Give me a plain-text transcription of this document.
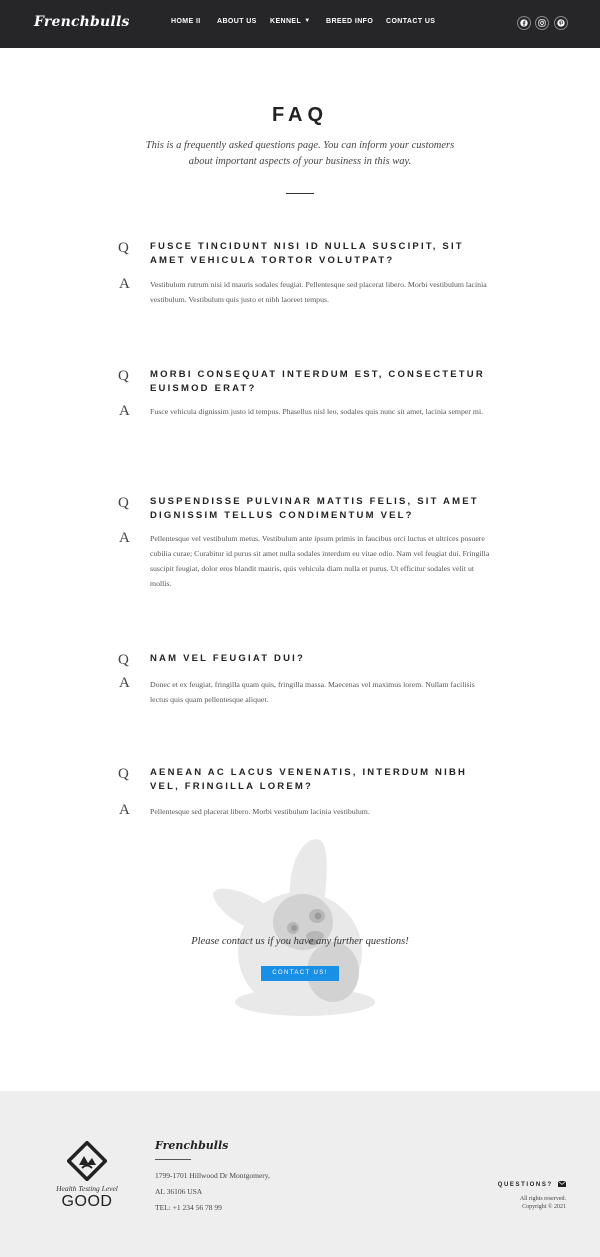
Frenchbulls	HOME II ABOUT US KENNEL ▼ BREED INFO CONTACT US
FAQ

This is a frequently asked questions page. You can inform your customers about important aspects of your business in this way.

Q FUSCE TINCIDUNT NISI ID NULLA SUSCIPIT, SIT AMET VEHICULA TORTOR VOLUTPAT?
A	Vestibulum rutrum nisi id mauris sodales feugiat. Pellentesque sed placerat libero. Morbi vestibulum lacinia vestibulum. Vestibulum quis justo et nibh laoreet tempus.
Q MORBI CONSEQUAT INTERDUM EST, CONSECTETUR EUISMOD ERAT?
A	Fusce vehicula dignissim justo id tempus. Phasellus nisl leo, sodales quis nunc sit amet, lacinia semper mi.
Q SUSPENDISSE PULVINAR MATTIS FELIS, SIT AMET DIGNISSIM TELLUS CONDIMENTUM VEL?
A	Pellentesque vel vestibulum metus. Vestibulum ante ipsum primis in faucibus orci luctus et ultrices posuere cubilia curae; Curabitur id purus sit amet nulla sodales interdum eu vitae odio. Nam vel feugiat dui. Fringilla suscipit feugiat, dolor eros blandit mauris, quis vehicula diam nulla et purus. Ut efficitur sodales velit ut mollis.
Q NAM VEL FEUGIAT DUI?
A	Donec et ex feugiat, fringilla quam quis, fringilla massa. Maecenas vel maximus lorem. Nullam facilisis lectus quis quam pellentesque aliquet.
Q AENEAN AC LACUS VENENATIS, INTERDUM NIBH VEL, FRINGILLA LOREM?
A	Pellentesque sed placerat libero. Morbi vestibulum lacinia vestibulum.

Please contact us if you have any further questions!

CONTACT US!
Health Testing Level
GOOD
Frenchbulls
1799-1701 Hillwood Dr Montgomery,
AL 36106 USA
TEL: +1 234 56 78 99
QUESTIONS?
All rights reserved.
Copyright © 2021
